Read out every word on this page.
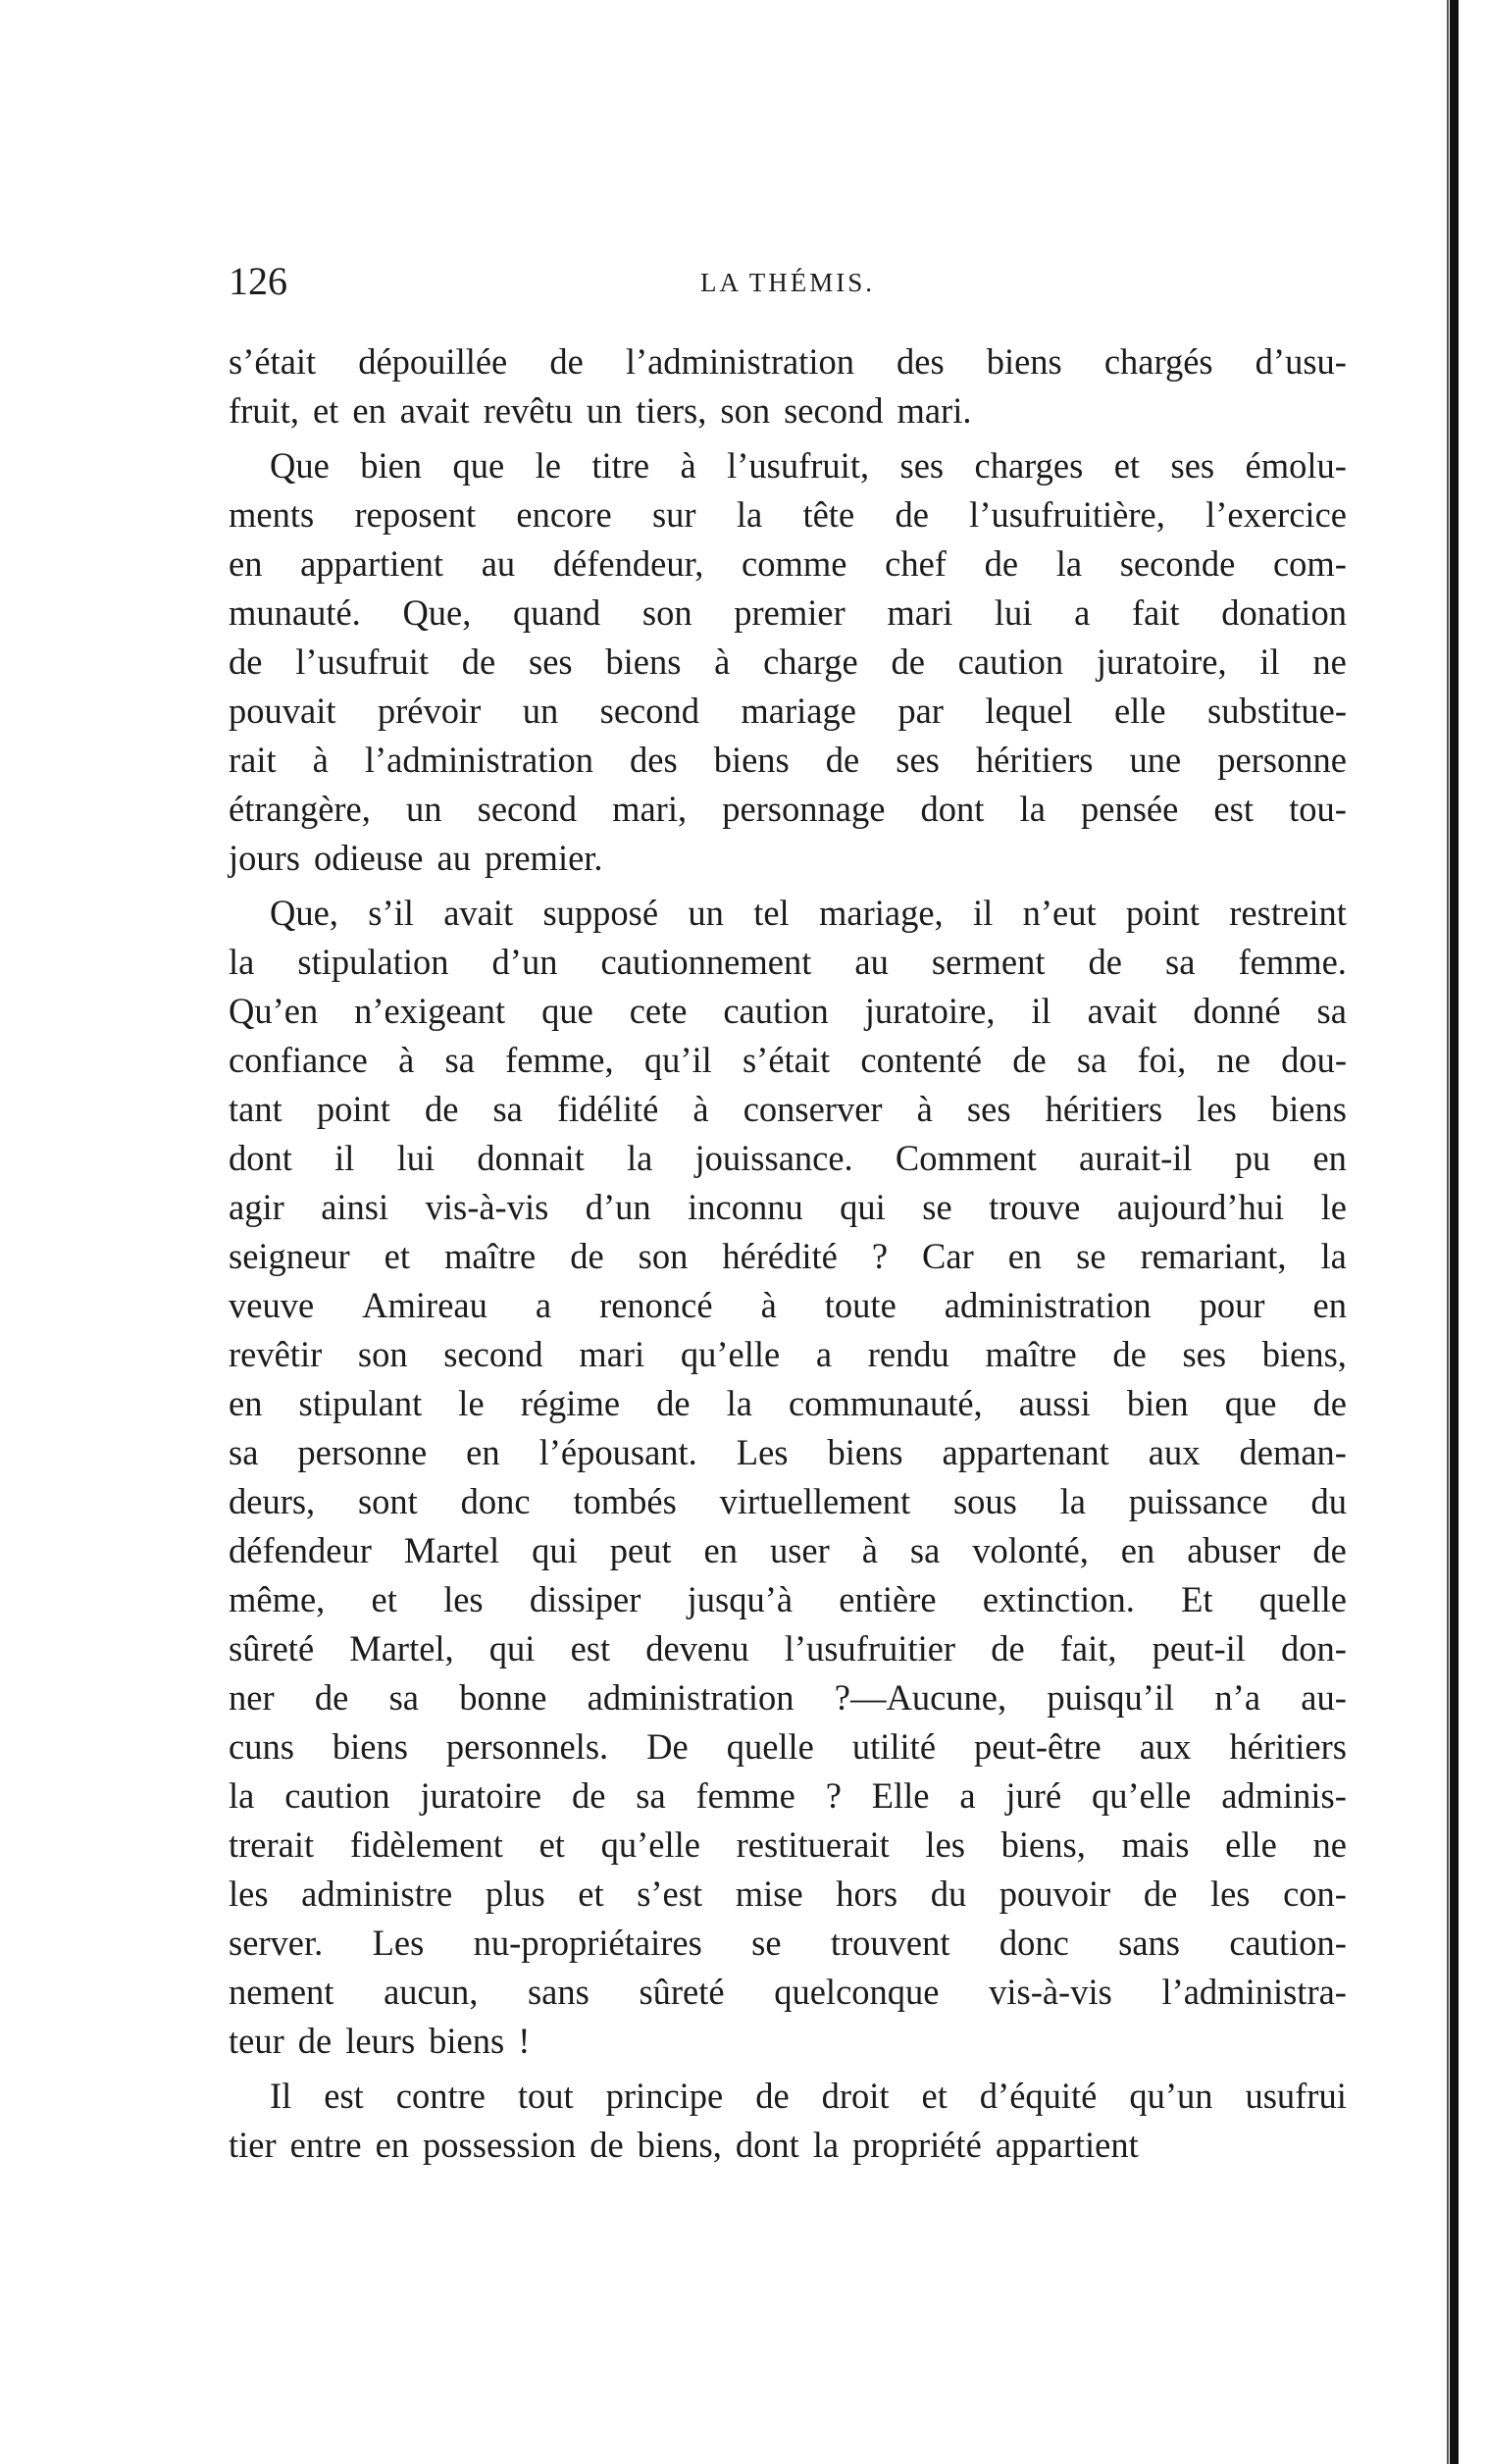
126	LA THÉMIS.
s’était dépouillée de l’administration des biens chargés d’usu-
fruit, et en avait revêtu un tiers, son second mari.
Que bien que le titre à l’usufruit, ses charges et ses émolu-
ments reposent encore sur la tête de l’usufruitière, l’exercice
en appartient au défendeur, comme chef de la seconde com-
munauté. Que, quand son premier mari lui a fait donation
de l’usufruit de ses biens à charge de caution juratoire, il ne
pouvait prévoir un second mariage par lequel elle substitue-
rait à l’administration des biens de ses héritiers une personne
étrangère, un second mari, personnage dont la pensée est tou-
jours odieuse au premier.
Que, s’il avait supposé un tel mariage, il n’eut point restreint
la stipulation d’un cautionnement au serment de sa femme.
Qu’en n’exigeant que cete caution juratoire, il avait donné sa
confiance à sa femme, qu’il s’était contenté de sa foi, ne dou-
tant point de sa fidélité à conserver à ses héritiers les biens
dont il lui donnait la jouissance. Comment aurait-il pu en
agir ainsi vis-à-vis d’un inconnu qui se trouve aujourd’hui le
seigneur et maître de son hérédité ? Car en se remariant, la
veuve Amireau a renoncé à toute administration pour en
revêtir son second mari qu’elle a rendu maître de ses biens,
en stipulant le régime de la communauté, aussi bien que de
sa personne en l’épousant. Les biens appartenant aux deman-
deurs, sont donc tombés virtuellement sous la puissance du
défendeur Martel qui peut en user à sa volonté, en abuser de
même, et les dissiper jusqu’à entière extinction. Et quelle
sûreté Martel, qui est devenu l’usufruitier de fait, peut-il don-
ner de sa bonne administration ?—Aucune, puisqu’il n’a au-
cuns biens personnels. De quelle utilité peut-être aux héritiers
la caution juratoire de sa femme ? Elle a juré qu’elle adminis-
trerait fidèlement et qu’elle restituerait les biens, mais elle ne
les administre plus et s’est mise hors du pouvoir de les con-
server. Les nu-propriétaires se trouvent donc sans caution-
nement aucun, sans sûreté quelconque vis-à-vis l’administra-
teur de leurs biens !
Il est contre tout principe de droit et d’équité qu’un usufrui
tier entre en possession de biens, dont la propriété appartient
